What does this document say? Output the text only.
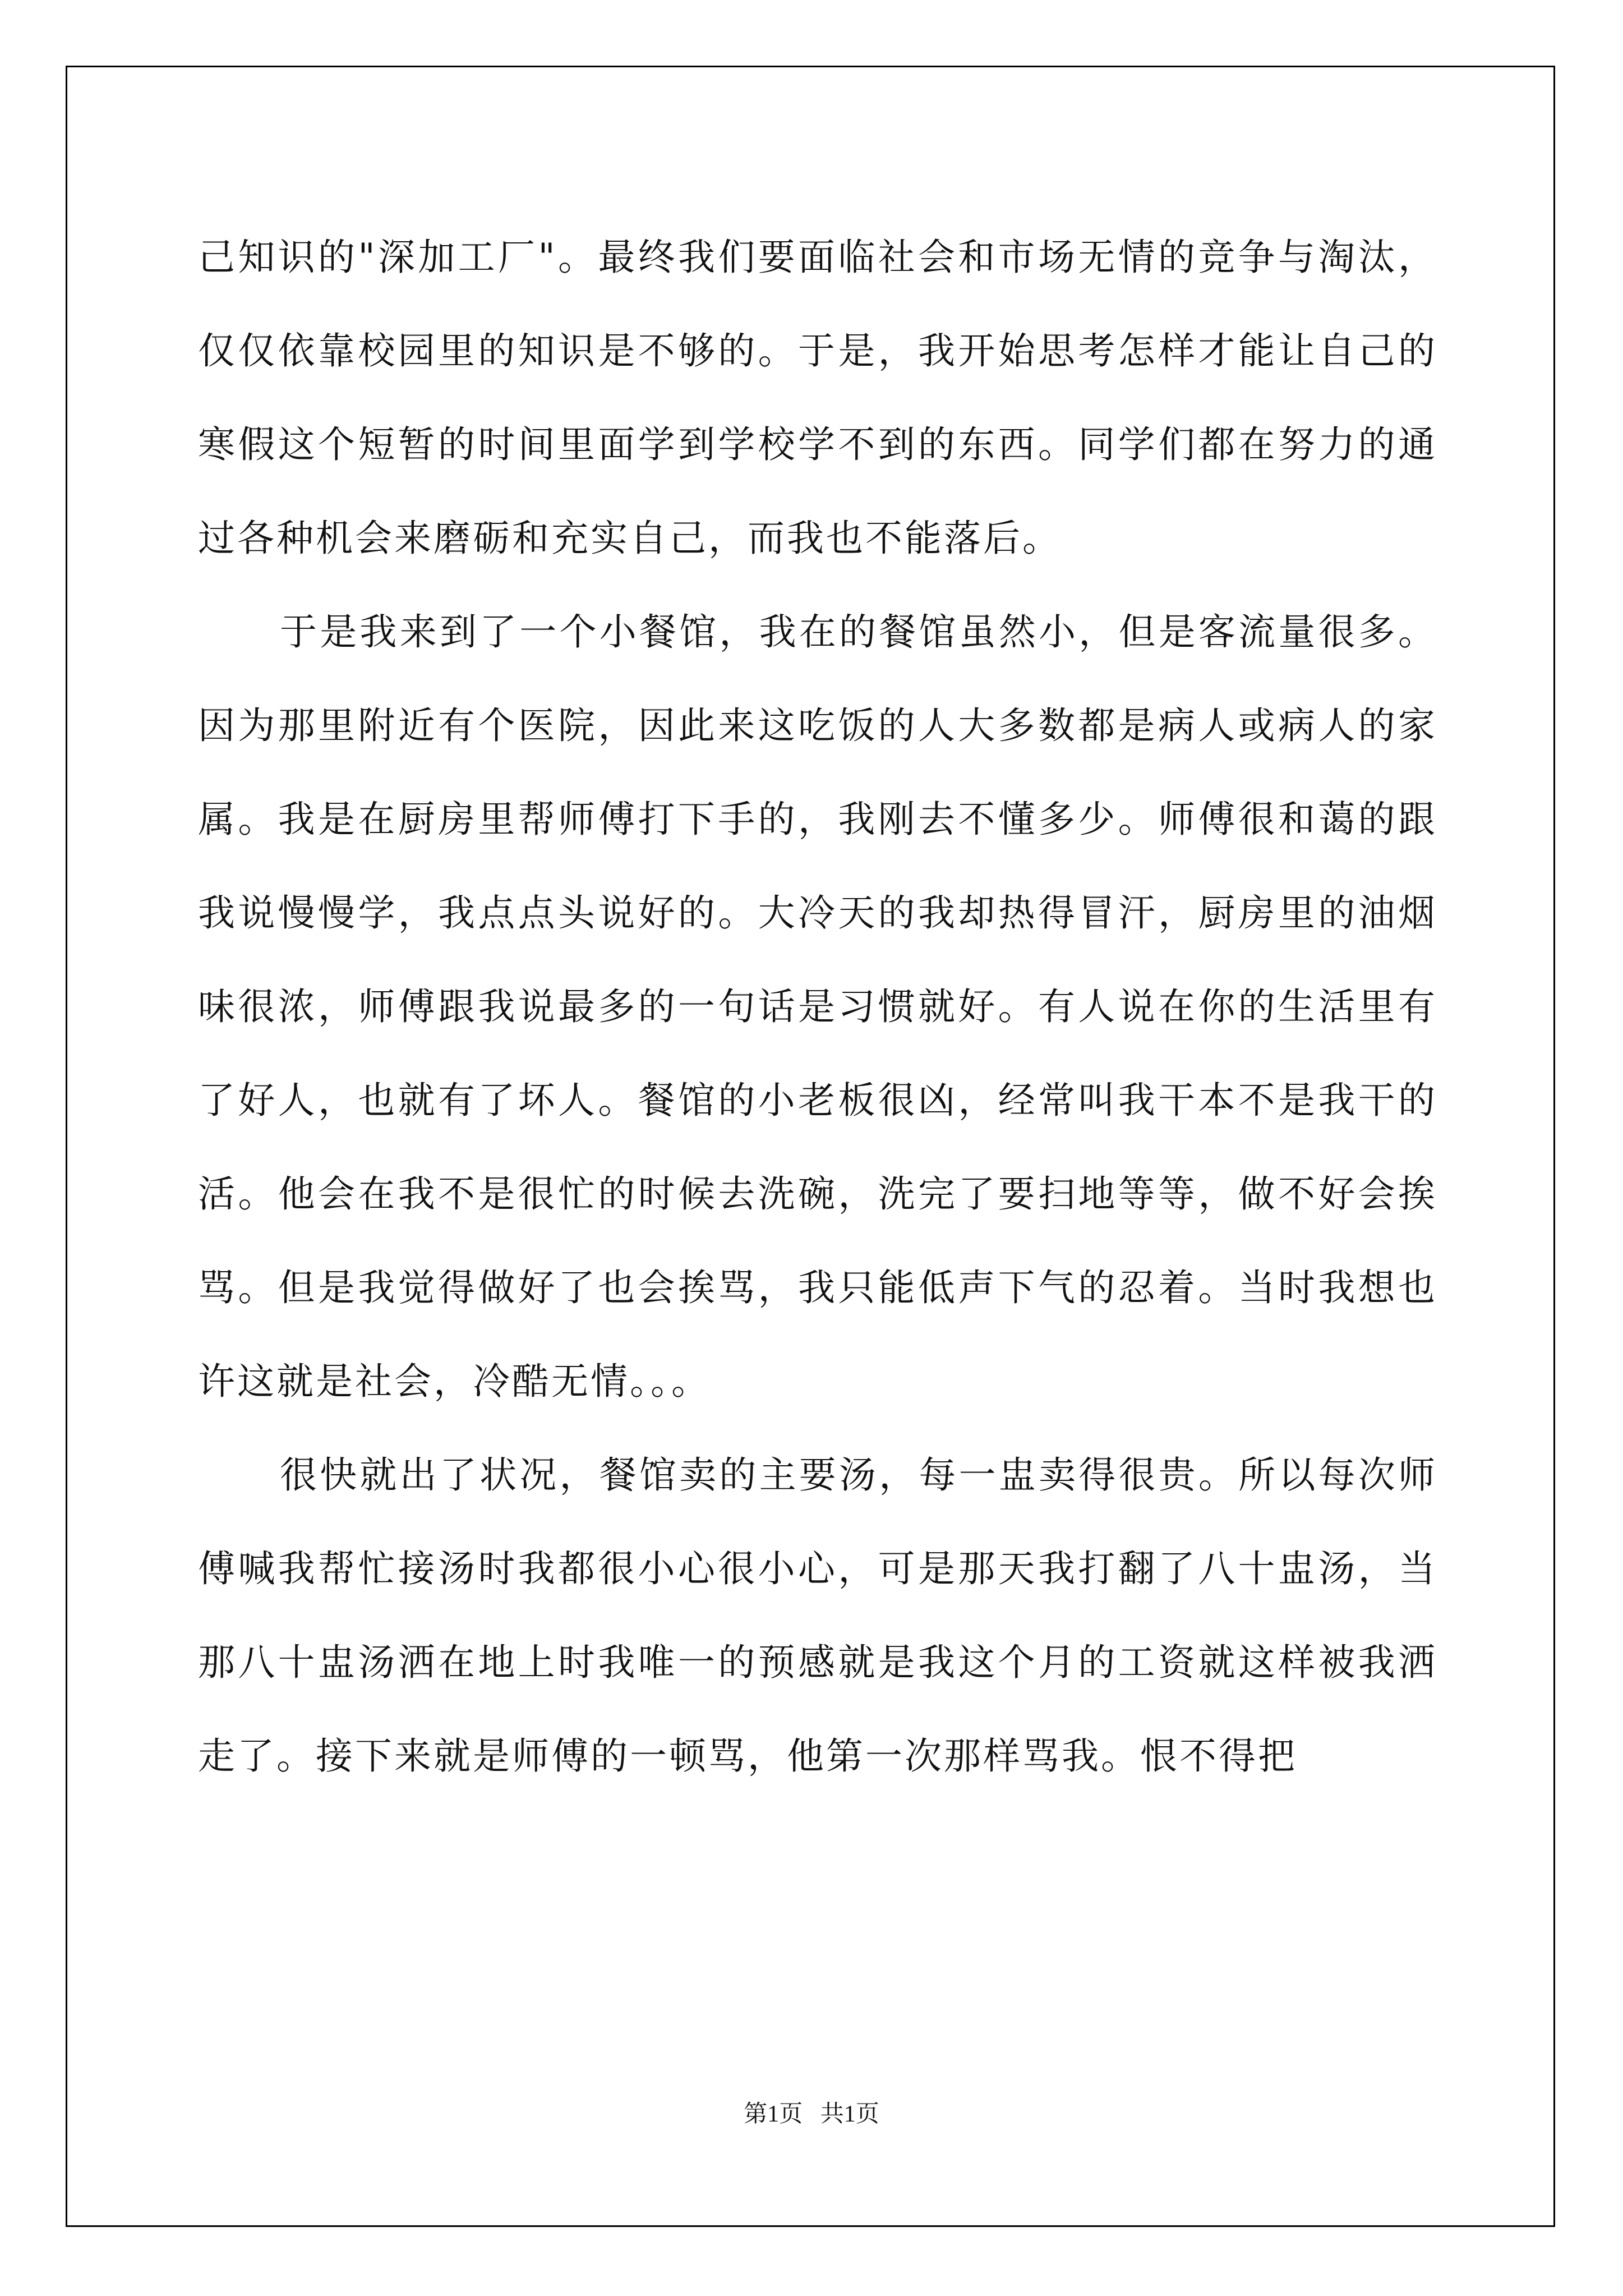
己知识的"深加工厂"。最终我们要面临社会和市场无情的竞争与淘汰，仅仅依靠校园里的知识是不够的。于是，我开始思考怎样才能让自己的寒假这个短暂的时间里面学到学校学不到的东西。同学们都在努力的通过各种机会来磨砺和充实自己，而我也不能落后。

于是我来到了一个小餐馆，我在的餐馆虽然小，但是客流量很多。因为那里附近有个医院，因此来这吃饭的人大多数都是病人或病人的家属。我是在厨房里帮师傅打下手的，我刚去不懂多少。师傅很和蔼的跟我说慢慢学，我点点头说好的。大冷天的我却热得冒汗，厨房里的油烟味很浓，师傅跟我说最多的一句话是习惯就好。有人说在你的生活里有了好人，也就有了坏人。餐馆的小老板很凶，经常叫我干本不是我干的活。他会在我不是很忙的时候去洗碗，洗完了要扫地等等，做不好会挨骂。但是我觉得做好了也会挨骂，我只能低声下气的忍着。当时我想也许这就是社会，冷酷无情。。。

很快就出了状况，餐馆卖的主要汤，每一盅卖得很贵。所以每次师傅喊我帮忙接汤时我都很小心很小心，可是那天我打翻了八十盅汤，当那八十盅汤洒在地上时我唯一的预感就是我这个月的工资就这样被我洒走了。接下来就是师傅的一顿骂，他第一次那样骂我。恨不得把

第1页   共1页
